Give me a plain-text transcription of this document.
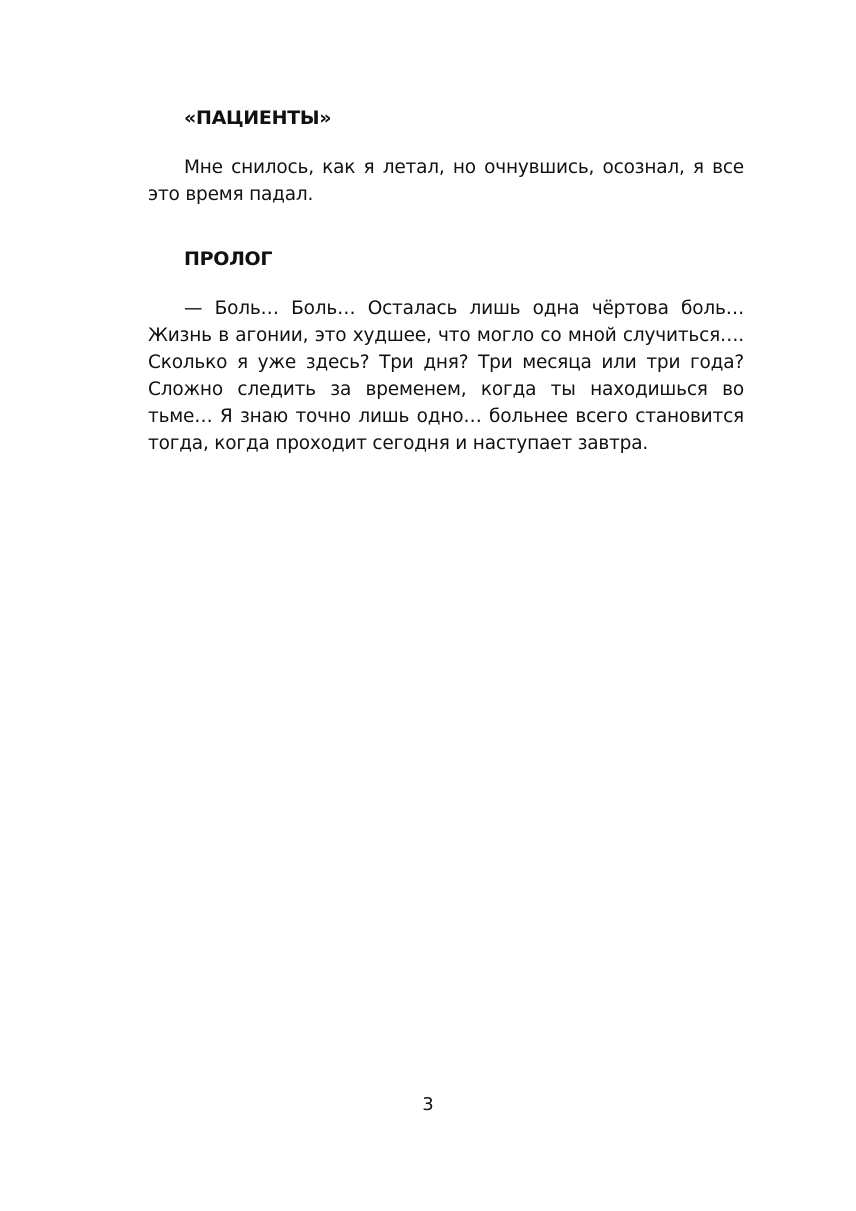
«ПАЦИЕНТЫ»

Мне снилось, как я летал, но очнувшись, осознал, я все это время падал.

ПРОЛОГ

— Боль… Боль… Осталась лишь одна чёртова боль… Жизнь в агонии, это худшее, что могло со мной случиться…. Сколько я уже здесь? Три дня? Три месяца или три года? Сложно следить за временем, когда ты находишься во тьме… Я знаю точно лишь одно… больнее всего становится тогда, когда проходит сегодня и наступает завтра.

3
